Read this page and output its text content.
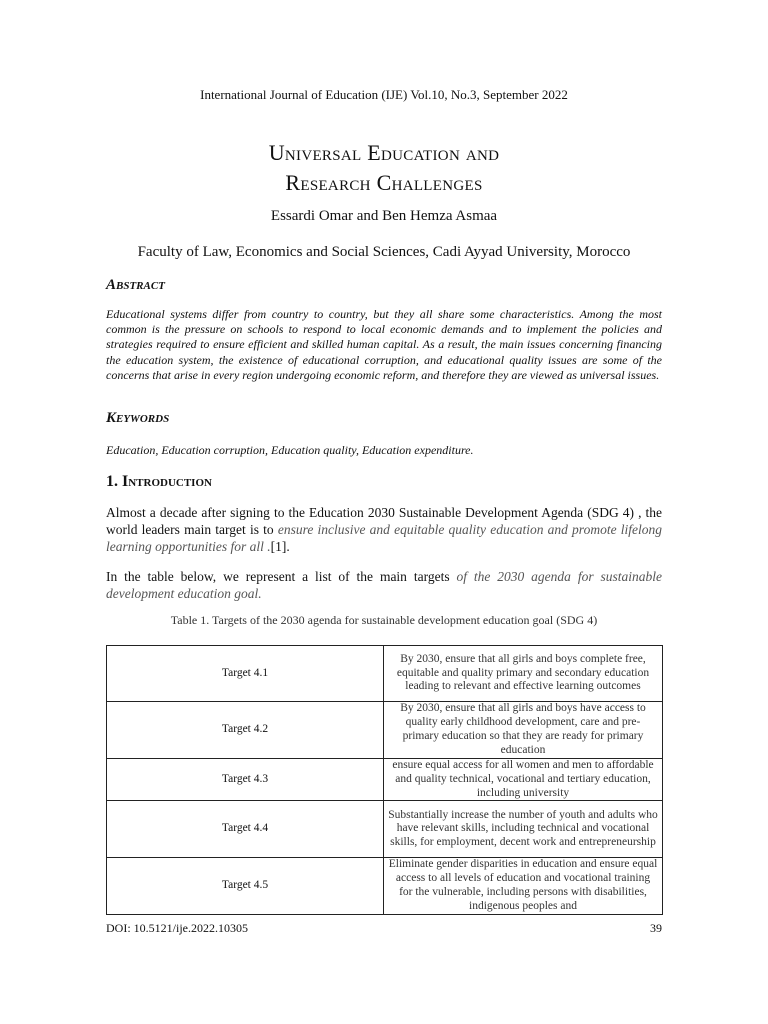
International Journal of Education (IJE) Vol.10, No.3, September 2022
Universal Education and
Research Challenges
Essardi Omar and Ben Hemza Asmaa
Faculty of Law, Economics and Social Sciences, Cadi Ayyad University, Morocco
Abstract
Educational systems differ from country to country, but they all share some characteristics. Among the most common is the pressure on schools to respond to local economic demands and to implement the policies and strategies required to ensure efficient and skilled human capital. As a result, the main issues concerning financing the education system, the existence of educational corruption, and educational quality issues are some of the concerns that arise in every region undergoing economic reform, and therefore they are viewed as universal issues.
Keywords
Education, Education corruption, Education quality, Education expenditure.
1. Introduction
Almost a decade after signing to the Education 2030 Sustainable Development Agenda (SDG 4) , the world leaders main target is to ensure inclusive and equitable quality education and promote lifelong learning opportunities for all .[1].
In the table below, we represent a list of the main targets of the 2030 agenda for sustainable development education goal.
Table 1. Targets of the 2030 agenda for sustainable development education goal (SDG 4)
Target 4.1	By 2030, ensure that all girls and boys complete free, equitable and quality primary and secondary education leading to relevant and effective learning outcomes
Target 4.2	By 2030, ensure that all girls and boys have access to quality early childhood development, care and pre-primary education so that they are ready for primary education
Target 4.3	ensure equal access for all women and men to affordable and quality technical, vocational and tertiary education, including university
Target 4.4	Substantially increase the number of youth and adults who have relevant skills, including technical and vocational skills, for employment, decent work and entrepreneurship
Target 4.5	Eliminate gender disparities in education and ensure equal access to all levels of education and vocational training for the vulnerable, including persons with disabilities, indigenous peoples and
DOI: 10.5121/ije.2022.10305	39
